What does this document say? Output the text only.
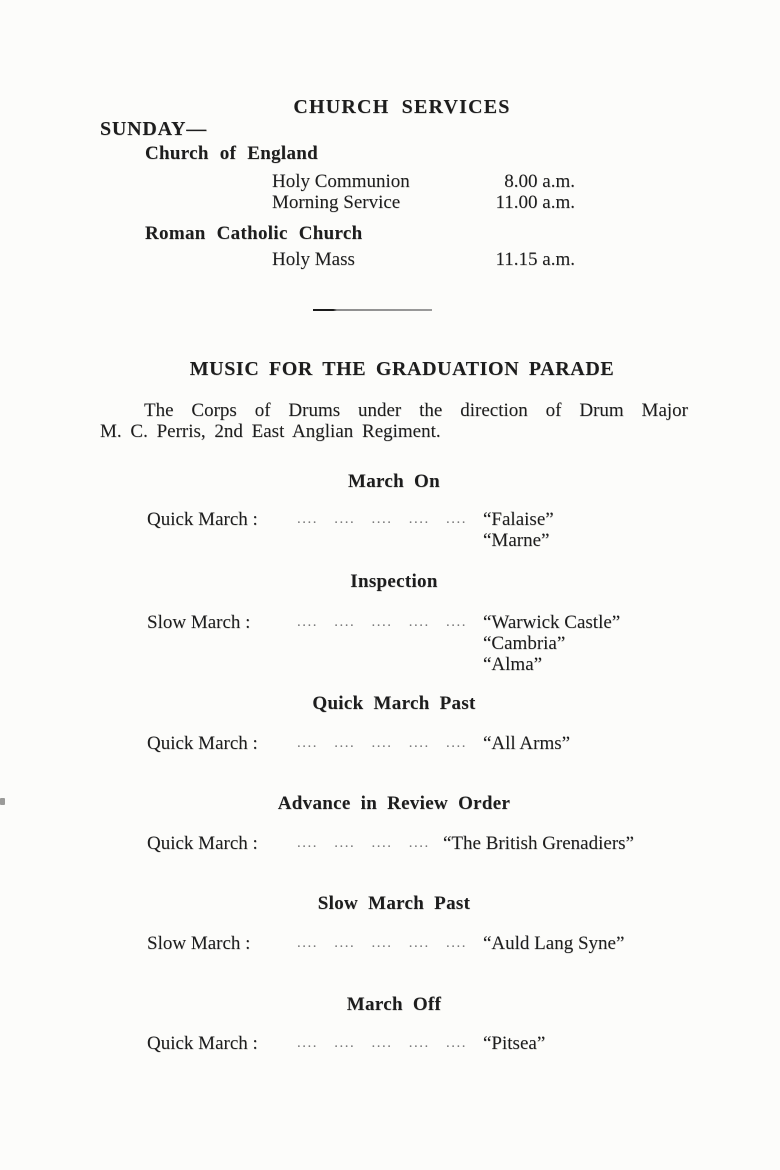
CHURCH SERVICES
SUNDAY—
Church of England
Holy Communion	8.00 a.m.
Morning Service	11.00 a.m.
Roman Catholic Church
Holy Mass	11.15 a.m.
MUSIC FOR THE GRADUATION PARADE
The Corps of Drums under the direction of Drum Major
M. C. Perris, 2nd East Anglian Regiment.
March On
Quick March :	.... .... .... .... .... “Falaise”
“Marne”
Inspection
Slow March :	.... .... .... .... .... “Warwick Castle”
“Cambria”
“Alma”
Quick March Past
Quick March :	.... .... .... .... .... “All Arms”
Advance in Review Order
Quick March :	.... .... .... .... “The British Grenadiers”
Slow March Past
Slow March :	.... .... .... .... .... “Auld Lang Syne”
March Off
Quick March :	.... .... .... .... .... “Pitsea”
